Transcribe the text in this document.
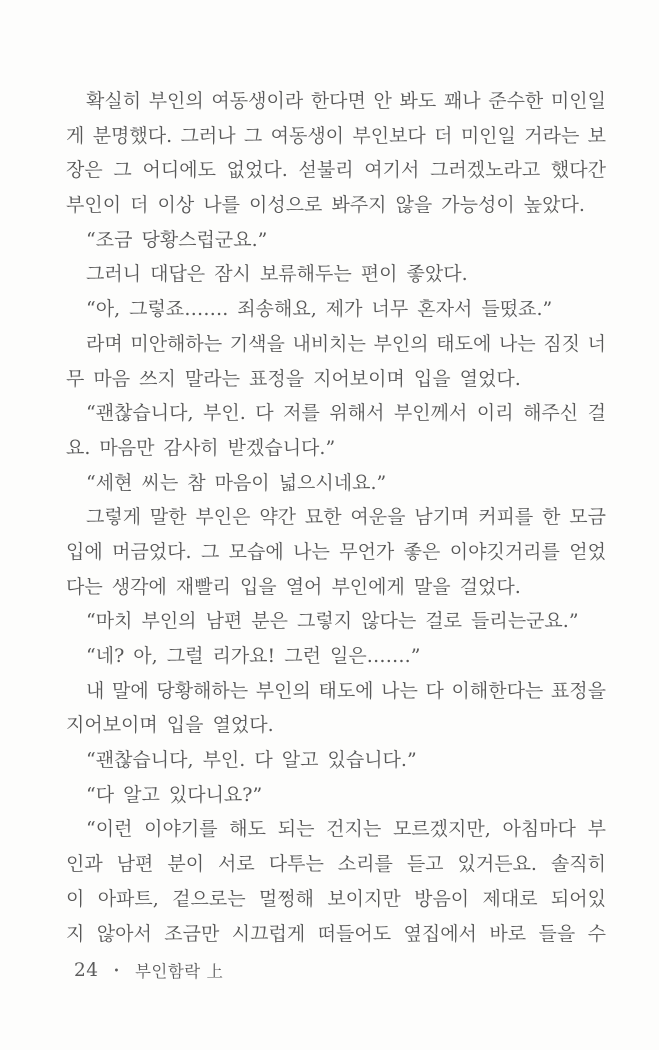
확실히 부인의 여동생이라 한다면 안 봐도 꽤나 준수한 미인일
게 분명했다. 그러나 그 여동생이 부인보다 더 미인일 거라는 보
장은 그 어디에도 없었다. 섣불리 여기서 그러겠노라고 했다간
부인이 더 이상 나를 이성으로 봐주지 않을 가능성이 높았다.
“조금 당황스럽군요.”
그러니 대답은 잠시 보류해두는 편이 좋았다.
“아, 그렇죠……. 죄송해요, 제가 너무 혼자서 들떴죠.”
라며 미안해하는 기색을 내비치는 부인의 태도에 나는 짐짓 너
무 마음 쓰지 말라는 표정을 지어보이며 입을 열었다.
“괜찮습니다, 부인. 다 저를 위해서 부인께서 이리 해주신 걸
요. 마음만 감사히 받겠습니다.”
“세현 씨는 참 마음이 넓으시네요.”
그렇게 말한 부인은 약간 묘한 여운을 남기며 커피를 한 모금
입에 머금었다. 그 모습에 나는 무언가 좋은 이야깃거리를 얻었
다는 생각에 재빨리 입을 열어 부인에게 말을 걸었다.
“마치 부인의 남편 분은 그렇지 않다는 걸로 들리는군요.”
“네? 아, 그럴 리가요! 그런 일은…….”
내 말에 당황해하는 부인의 태도에 나는 다 이해한다는 표정을
지어보이며 입을 열었다.
“괜찮습니다, 부인. 다 알고 있습니다.”
“다 알고 있다니요?”
“이런 이야기를 해도 되는 건지는 모르겠지만, 아침마다 부
인과 남편 분이 서로 다투는 소리를 듣고 있거든요. 솔직히
이 아파트, 겉으로는 멀쩡해 보이지만 방음이 제대로 되어있
지 않아서 조금만 시끄럽게 떠들어도 옆집에서 바로 들을 수
24 • 부인함락 上
